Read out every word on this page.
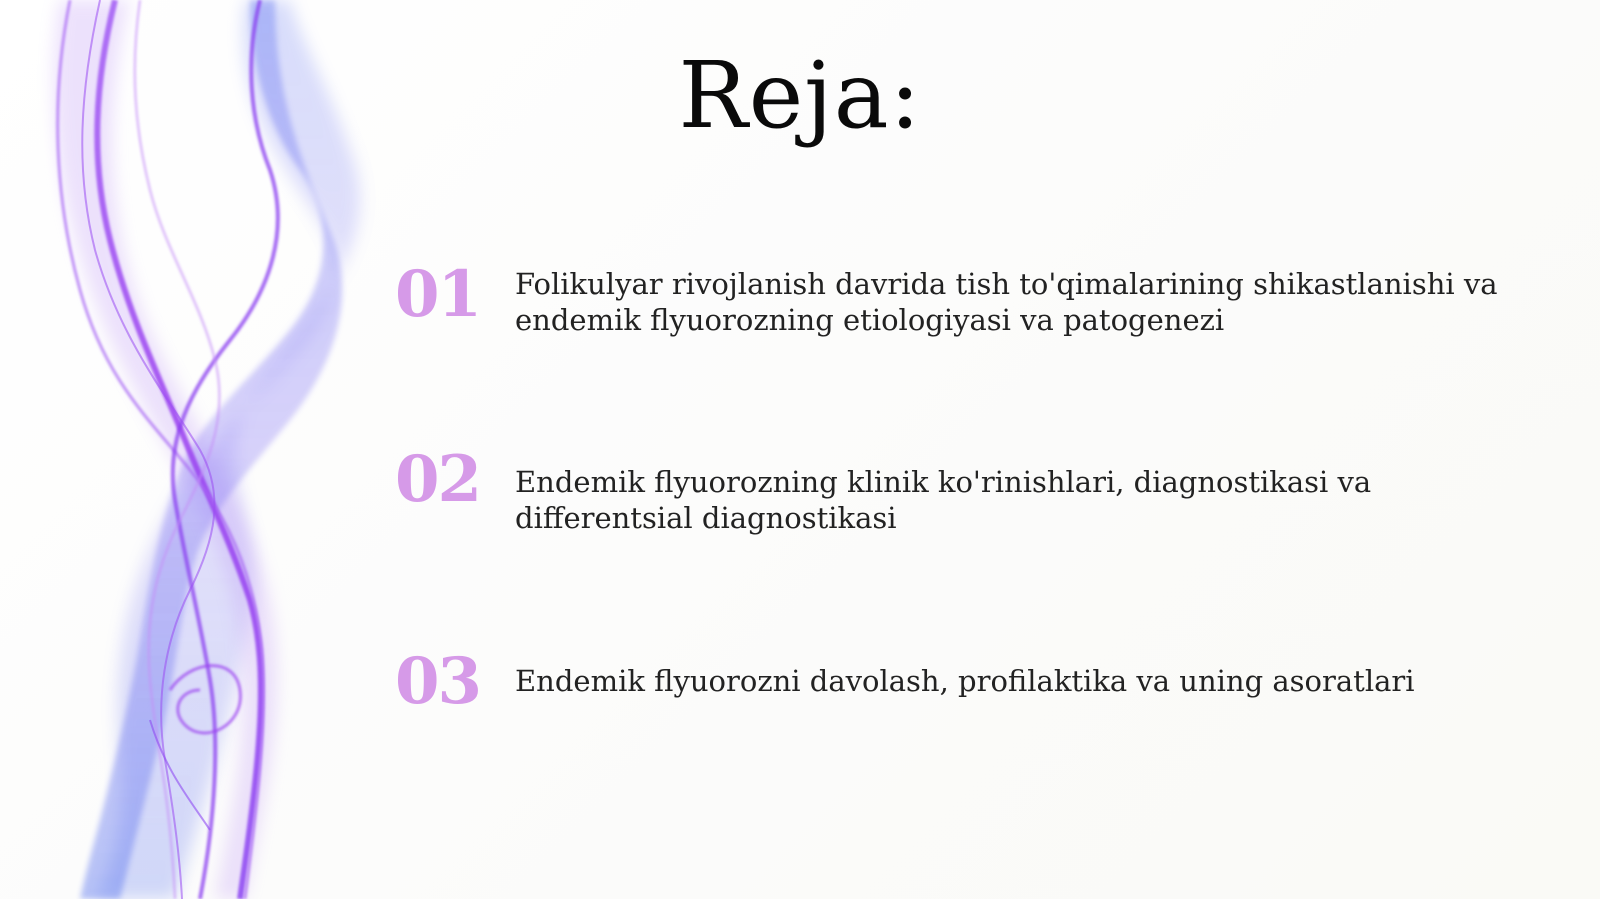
Reja:
01	Folikulyar rivojlanish davrida tish to'qimalarining shikastlanishi va endemik flyuorozning etiologiyasi va patogenezi
02	Endemik flyuorozning klinik ko'rinishlari, diagnostikasi va differentsial diagnostikasi
03	Endemik flyuorozni davolash, profilaktika va uning asoratlari
